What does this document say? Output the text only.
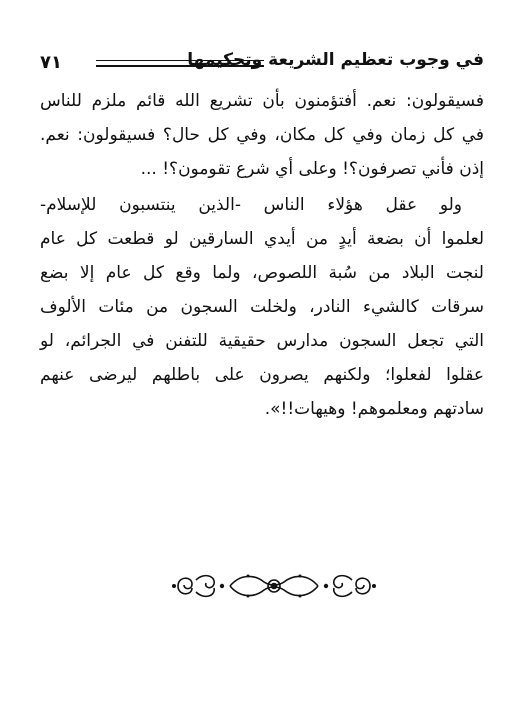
٧١	في وجوب تعظيم الشريعة وتحكيمها
فسيقولون: نعم. أفتؤمنون بأن تشريع الله قائم ملزم للناس
في كل زمان وفي كل مكان، وفي كل حال؟ فسيقولون: نعم.
إذن فأني تصرفون؟! وعلى أي شرع تقومون؟! ...
ولو عقل هؤلاء الناس -الذين ينتسبون للإسلام-
لعلموا أن بضعة أيدٍ من أيدي السارقين لو قطعت كل عام
لنجت البلاد من سُبة اللصوص، ولما وقع كل عام إلا بضع
سرقات كالشيء النادر، ولخلت السجون من مئات الألوف
التي تجعل السجون مدارس حقيقية للتفنن في الجرائم، لو
عقلوا لفعلوا؛ ولكنهم يصرون على باطلهم ليرضى عنهم
سادتهم ومعلموهم! وهيهات!!».
